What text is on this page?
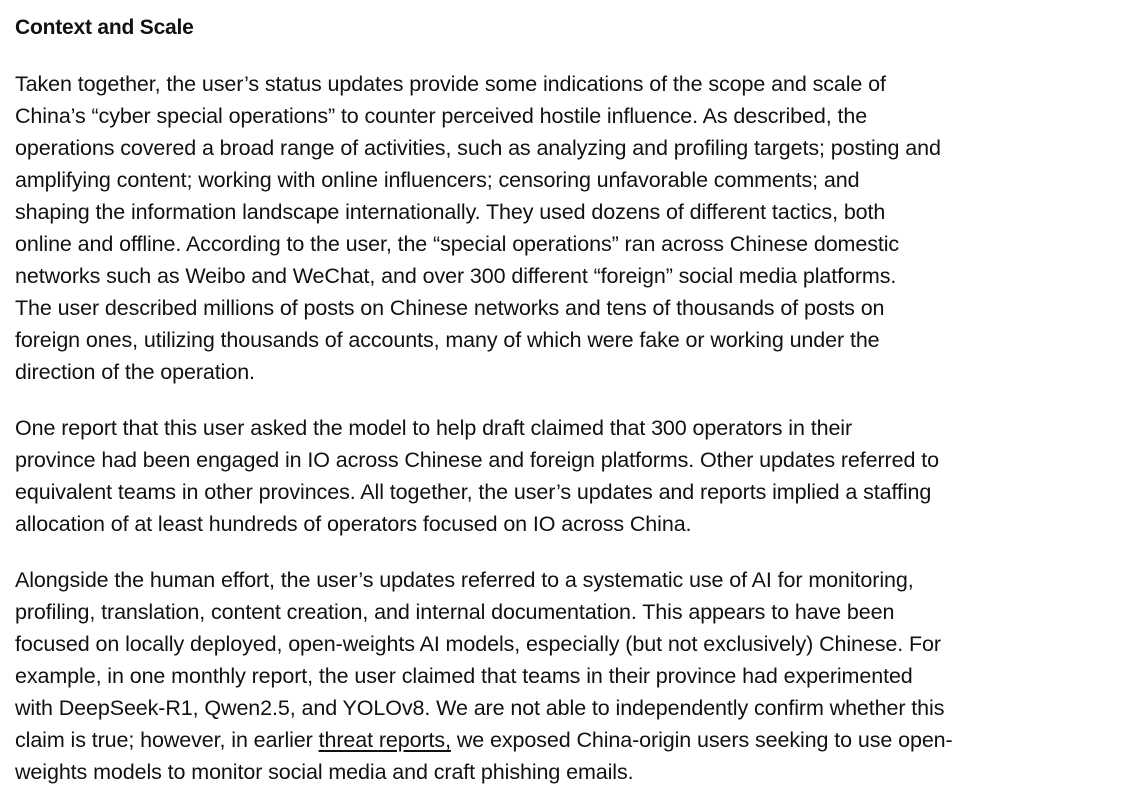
Context and Scale

Taken together, the user’s status updates provide some indications of the scope and scale of
China’s “cyber special operations” to counter perceived hostile influence. As described, the
operations covered a broad range of activities, such as analyzing and profiling targets; posting and
amplifying content; working with online influencers; censoring unfavorable comments; and
shaping the information landscape internationally. They used dozens of different tactics, both
online and offline. According to the user, the “special operations” ran across Chinese domestic
networks such as Weibo and WeChat, and over 300 different “foreign” social media platforms.
The user described millions of posts on Chinese networks and tens of thousands of posts on
foreign ones, utilizing thousands of accounts, many of which were fake or working under the
direction of the operation.

One report that this user asked the model to help draft claimed that 300 operators in their
province had been engaged in IO across Chinese and foreign platforms. Other updates referred to
equivalent teams in other provinces. All together, the user’s updates and reports implied a staffing
allocation of at least hundreds of operators focused on IO across China.

Alongside the human effort, the user’s updates referred to a systematic use of AI for monitoring,
profiling, translation, content creation, and internal documentation. This appears to have been
focused on locally deployed, open-weights AI models, especially (but not exclusively) Chinese. For
example, in one monthly report, the user claimed that teams in their province had experimented
with DeepSeek-R1, Qwen2.5, and YOLOv8. We are not able to independently confirm whether this
claim is true; however, in earlier threat reports, we exposed China-origin users seeking to use open-
weights models to monitor social media and craft phishing emails.
